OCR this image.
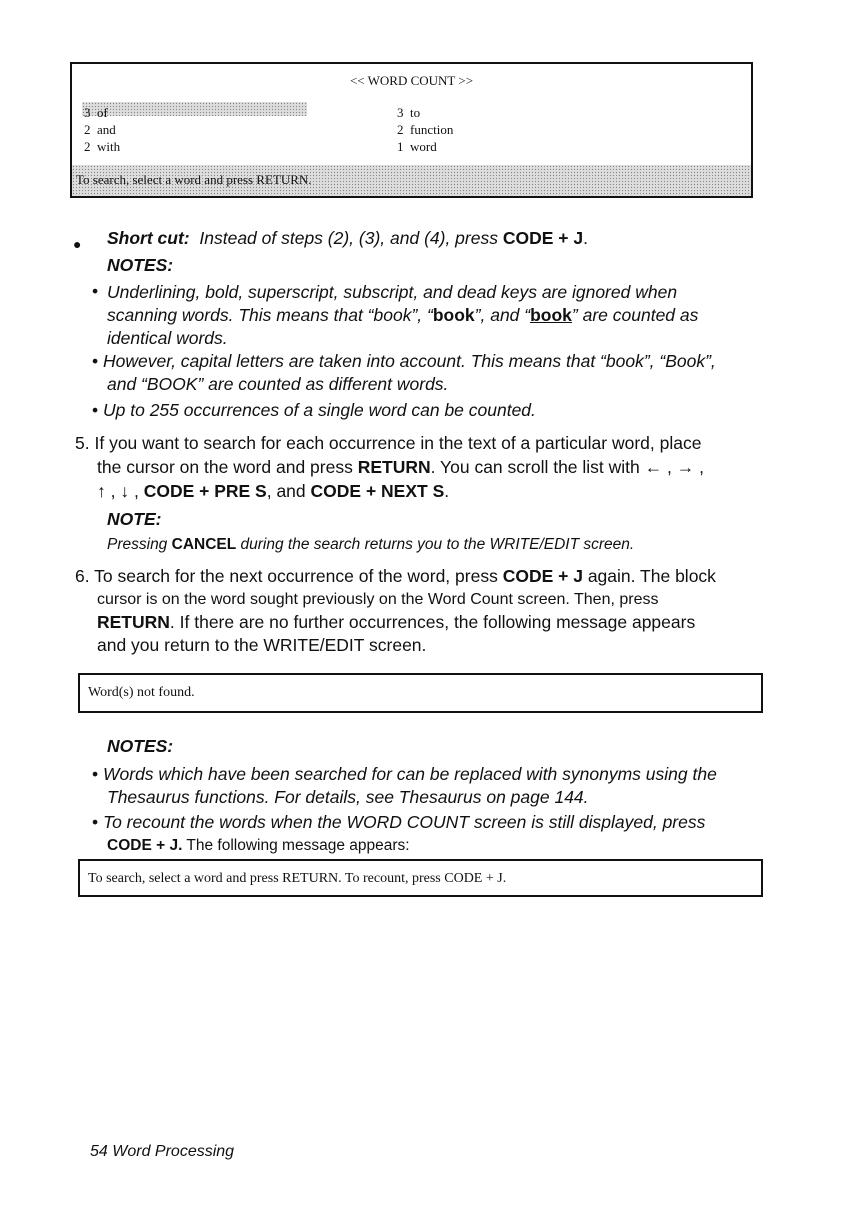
<< WORD COUNT >>
3 of
2 and
2 with
3 to
2 function
1 word
To search, select a word and press RETURN.
● Short cut: Instead of steps (2), (3), and (4), press CODE + J.
NOTES:
Underlining, bold, superscript, subscript, and dead keys are ignored when
scanning words. This means that “book”, “book”, and “book” are counted as
identical words.
•
• However, capital letters are taken into account. This means that “book”, “Book”,
and “BOOK” are counted as different words.
• Up to 255 occurrences of a single word can be counted.
5. If you want to search for each occurrence in the text of a particular word, place
the cursor on the word and press RETURN. You can scroll the list with ← , → ,
↑ , ↓ , CODE + PRE S, and CODE + NEXT S.
NOTE:
Pressing CANCEL during the search returns you to the WRITE/EDIT screen.
6. To search for the next occurrence of the word, press CODE + J again. The block
cursor is on the word sought previously on the Word Count screen. Then, press
RETURN. If there are no further occurrences, the following message appears
and you return to the WRITE/EDIT screen.
Word(s) not found.
NOTES:
• Words which have been searched for can be replaced with synonyms using the
Thesaurus functions. For details, see Thesaurus on page 144.
• To recount the words when the WORD COUNT screen is still displayed, press
CODE + J. The following message appears:
To search, select a word and press RETURN. To recount, press CODE + J.
54 Word Processing
